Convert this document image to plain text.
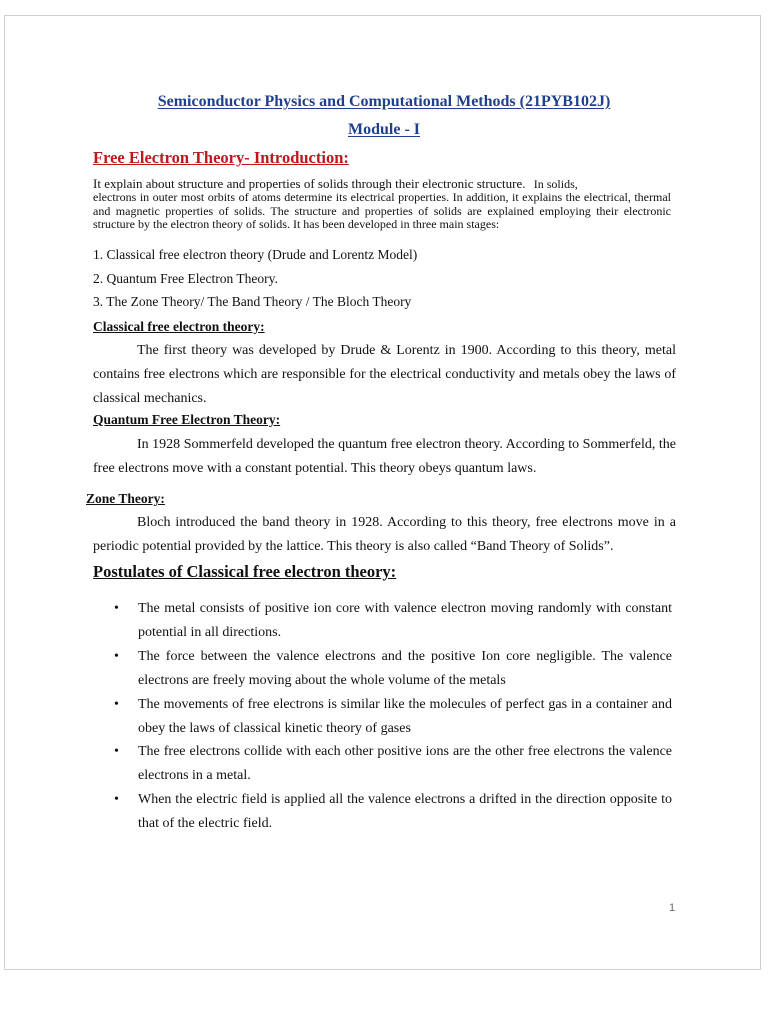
Semiconductor Physics and Computational Methods (21PYB102J)

Module - I

Free Electron Theory- Introduction:

It explain about structure and properties of solids through their electronic structure. In solids,

electrons in outer most orbits of atoms determine its electrical properties. In addition, it explains the electrical, thermal and magnetic properties of solids. The structure and properties of solids are explained employing their electronic structure by the electron theory of solids. It has been developed in three main stages:

1. Classical free electron theory (Drude and Lorentz Model)

2. Quantum Free Electron Theory.

3. The Zone Theory/ The Band Theory / The Bloch Theory

Classical free electron theory:

The first theory was developed by Drude & Lorentz in 1900. According to this theory, metal contains free electrons which are responsible for the electrical conductivity and metals obey the laws of classical mechanics.

Quantum Free Electron Theory:

In 1928 Sommerfeld developed the quantum free electron theory. According to Sommerfeld, the free electrons move with a constant potential. This theory obeys quantum laws.

Zone Theory:

Bloch introduced the band theory in 1928. According to this theory, free electrons move in a periodic potential provided by the lattice. This theory is also called “Band Theory of Solids”.

Postulates of Classical free electron theory:

• The metal consists of positive ion core with valence electron moving randomly with constant potential in all directions.

• The force between the valence electrons and the positive Ion core negligible. The valence electrons are freely moving about the whole volume of the metals

• The movements of free electrons is similar like the molecules of perfect gas in a container and obey the laws of classical kinetic theory of gases

• The free electrons collide with each other positive ions are the other free electrons the valence electrons in a metal.

• When the electric field is applied all the valence electrons a drifted in the direction opposite to that of the electric field.

1
